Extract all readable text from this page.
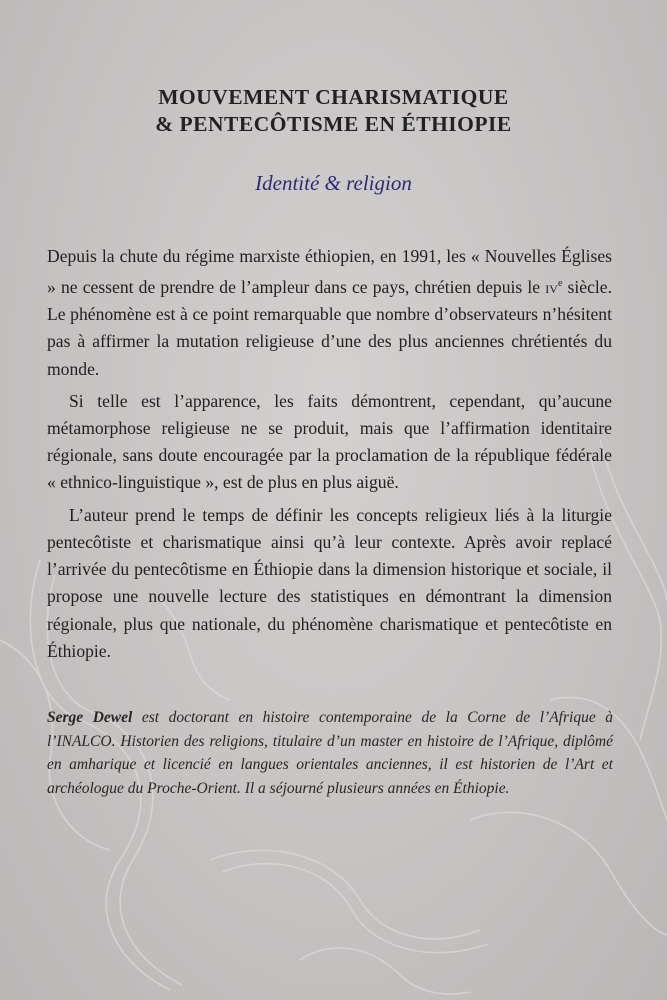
MOUVEMENT CHARISMATIQUE
& PENTECÔTISME EN ÉTHIOPIE
Identité & religion

Depuis la chute du régime marxiste éthiopien, en 1991, les « Nouvelles Églises » ne cessent de prendre de l’ampleur dans ce pays, chrétien depuis le $iv^e$ siècle. Le phénomène est à ce point remarquable que nombre d’observateurs n’hésitent pas à affirmer la mutation religieuse d’une des plus anciennes chrétientés du monde.

Si telle est l’apparence, les faits démontrent, cependant, qu’aucune métamorphose religieuse ne se produit, mais que l’affirmation identitaire régionale, sans doute encouragée par la proclamation de la république fédérale « ethnico-linguistique », est de plus en plus aiguë.

L’auteur prend le temps de définir les concepts religieux liés à la liturgie pentecôtiste et charismatique ainsi qu’à leur contexte. Après avoir replacé l’arrivée du pentecôtisme en Éthiopie dans la dimension historique et sociale, il propose une nouvelle lecture des statistiques en démontrant la dimension régionale, plus que nationale, du phénomène charismatique et pentecôtiste en Éthiopie.

Serge Dewel est doctorant en histoire contemporaine de la Corne de l’Afrique à l’INALCO. Historien des religions, titulaire d’un master en histoire de l’Afrique, diplômé en amharique et licencié en langues orientales anciennes, il est historien de l’Art et archéologue du Proche-Orient. Il a séjourné plusieurs années en Éthiopie.
